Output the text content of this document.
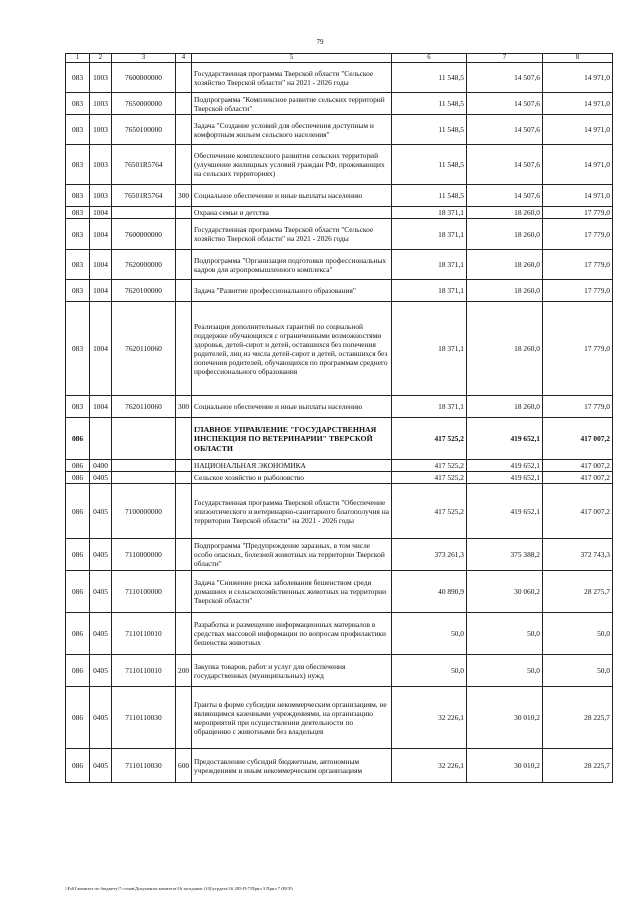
79
1	2	3	4	5	6	7	8
083	1003	7600000000		Государственная программа Тверской области "Сельское хозяйство Тверской области" на 2021 - 2026 годы	11 548,5	14 507,6	14 971,0
083	1003	7650000000		Подпрограмма "Комплексное развитие сельских территорий Тверской области"	11 548,5	14 507,6	14 971,0
083	1003	7650100000		Задача "Создание условий для обеспечения доступным и комфортным жильем сельского населения"	11 548,5	14 507,6	14 971,0
083	1003	76501R5764		Обеспечение комплексного развития сельских территорий (улучшение жилищных условий граждан РФ, проживающих на сельских территориях)	11 548,5	14 507,6	14 971,0
083	1003	76501R5764	300	Социальное обеспечение и иные выплаты населению	11 548,5	14 507,6	14 971,0
083	1004			Охрана семьи и детства	18 371,1	18 260,0	17 779,0
083	1004	7600000000		Государственная программа Тверской области "Сельское хозяйство Тверской области" на 2021 - 2026 годы	18 371,1	18 260,0	17 779,0
083	1004	7620000000		Подпрограмма "Организация подготовки профессиональных кадров для агропромышленного комплекса"	18 371,1	18 260,0	17 779,0
083	1004	7620100000		Задача "Развитие профессионального образования"	18 371,1	18 260,0	17 779,0
083	1004	7620110060		Реализация дополнительных гарантий по социальной поддержке обучающихся с ограниченными возможностями здоровья, детей-сирот и детей, оставшихся без попечения родителей, лиц из числа детей-сирот и детей, оставшихся без попечения родителей, обучающихся по программам среднего профессионального образования	18 371,1	18 260,0	17 779,0
083	1004	7620110060	300	Социальное обеспечение и иные выплаты населению	18 371,1	18 260,0	17 779,0
086				ГЛАВНОЕ УПРАВЛЕНИЕ "ГОСУДАРСТВЕННАЯ ИНСПЕКЦИЯ ПО ВЕТЕРИНАРИИ" ТВЕРСКОЙ ОБЛАСТИ	417 525,2	419 652,1	417 007,2
086	0400			НАЦИОНАЛЬНАЯ ЭКОНОМИКА	417 525,2	419 652,1	417 007,2
086	0405			Сельское хозяйство и рыболовство	417 525,2	419 652,1	417 007,2
086	0405	7100000000		Государственная программа Тверской области "Обеспечение эпизоотического и ветеринарно-санитарного благополучия на территории Тверской области" на 2021 - 2026 годы	417 525,2	419 652,1	417 007,2
086	0405	7110000000		Подпрограмма "Предупреждение заразных, в том числе особо опасных, болезней животных на территории Тверской области"	373 261,3	375 388,2	372 743,3
086	0405	7110100000		Задача "Снижение риска заболевания бешенством среди домашних и сельскохозяйственных животных на территории Тверской области"	40 890,9	30 060,2	28 275,7
086	0405	7110110010		Разработка и размещение информационных материалов в средствах массовой информации по вопросам профилактики бешенства животных	50,0	50,0	50,0
086	0405	7110110010	200	Закупка товаров, работ и услуг для обеспечения государственных (муниципальных) нужд	50,0	50,0	50,0
086	0405	7110110030		Гранты в форме субсидии некоммерческим организациям, не являющимся казенными учреждениями, на организацию мероприятий при осуществлении деятельности по обращению с животными без владельцев	32 226,1	30 010,2	28 225,7
086	0405	7110110030	600	Предоставление субсидий бюджетным, автономным учреждениям и иным некоммерческим организациям	32 226,1	30 010,2	28 225,7
\\Fs01\комитет по бюджету\7 созыв\Документы комитета\16 заседание (10)\угрдата\16 285-П-7\Прил 3 Прил 7 (ВСР)
